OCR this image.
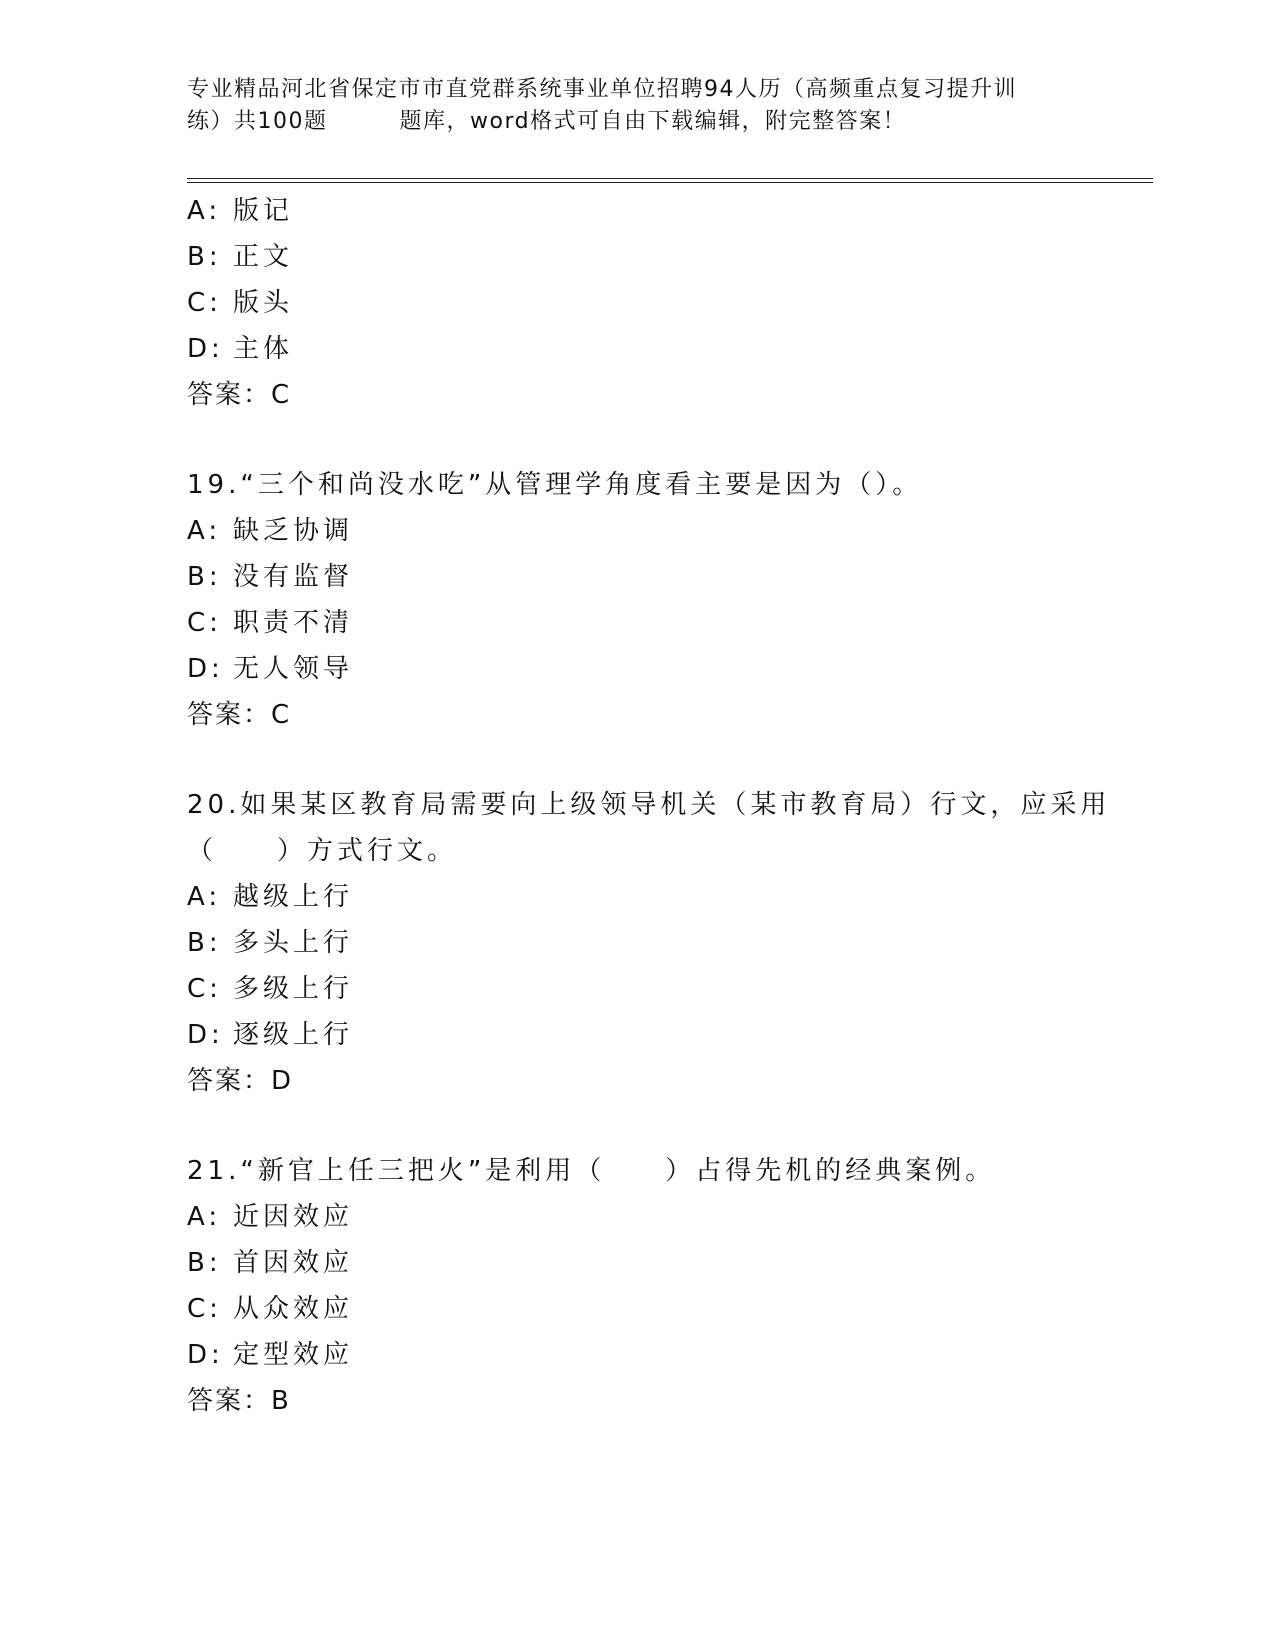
专业精品河北省保定市市直党群系统事业单位招聘94人历（高频重点复习提升训
练）共100题	题库，word格式可自由下载编辑，附完整答案！
A: 版记
B: 正文
C: 版头
D: 主体
答案：C
19.“三个和尚没水吃”从管理学角度看主要是因为（）。
A: 缺乏协调
B: 没有监督
C: 职责不清
D: 无人领导
答案：C
20.如果某区教育局需要向上级领导机关（某市教育局）行文，应采用
（　　）方式行文。
A: 越级上行
B: 多头上行
C: 多级上行
D: 逐级上行
答案：D
21.“新官上任三把火”是利用（　　）占得先机的经典案例。
A: 近因效应
B: 首因效应
C: 从众效应
D: 定型效应
答案：B
